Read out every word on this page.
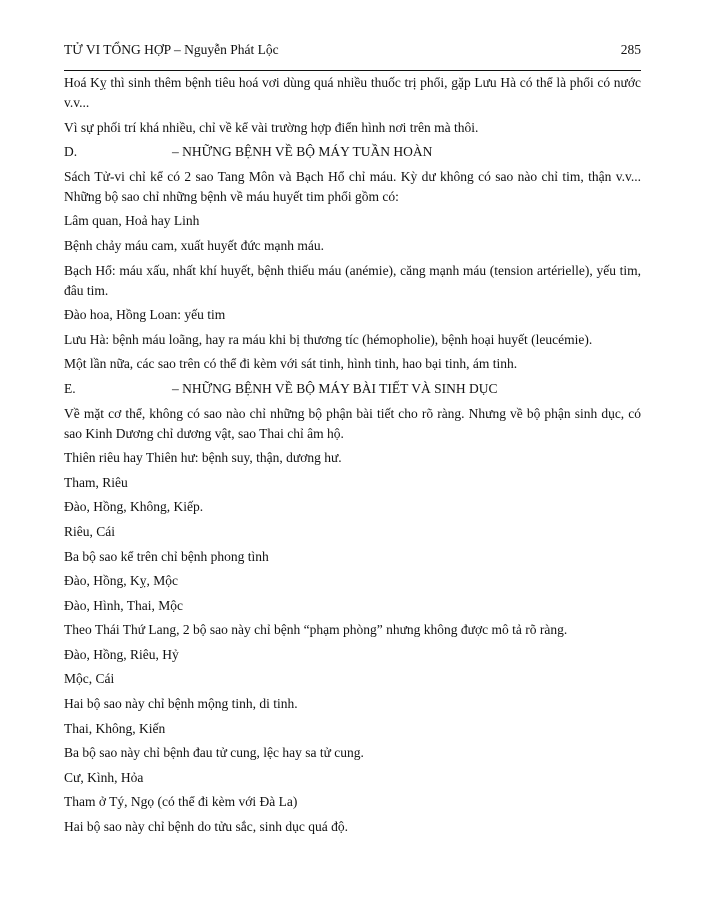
TỬ VI TỔNG HỢP – Nguyễn Phát Lộc	285

Hoá Kỵ thì sinh thêm bệnh tiêu hoá vơi dùng quá nhiều thuốc trị phổi, gặp Lưu Hà có thể là phổi có nước v.v...

Vì sự phối trí khá nhiều, chỉ về kể vài trường hợp điển hình nơi trên mà thôi.

D.	– NHỮNG BỆNH VỀ BỘ MÁY TUẦN HOÀN

Sách Tử-vi chỉ kể có 2 sao Tang Môn và Bạch Hổ chỉ máu. Kỳ dư không có sao nào chỉ tim, thận v.v... Những bộ sao chỉ những bệnh về máu huyết tim phổi gồm có:

Lâm quan, Hoả hay Linh

Bệnh chảy máu cam, xuất huyết đức mạnh máu.

Bạch Hổ: máu xấu, nhất khí huyết, bệnh thiếu máu (anémie), căng mạnh máu (tension artérielle), yếu tim, đâu tim.

Đào hoa, Hồng Loan: yếu tim

Lưu Hà: bệnh máu loãng, hay ra máu khi bị thương tíc (hémopholie), bệnh hoại huyết (leucémie).

Một lần nữa, các sao trên có thể đi kèm với sát tinh, hình tinh, hao bại tinh, ám tinh.

E.	– NHỮNG BỆNH VỀ BỘ MÁY BÀI TIẾT VÀ SINH DỤC

Về mặt cơ thể, không có sao nào chỉ những bộ phận bài tiết cho rõ ràng. Nhưng về bộ phận sinh dục, có sao Kinh Dương chỉ dương vật, sao Thai chỉ âm hộ.

Thiên riêu hay Thiên hư: bệnh suy, thận, dương hư.

Tham, Riêu

Đào, Hồng, Không, Kiếp.

Riêu, Cái

Ba bộ sao kể trên chỉ bệnh phong tình

Đào, Hồng, Kỵ, Mộc

Đào, Hình, Thai, Mộc

Theo Thái Thứ Lang, 2 bộ sao này chỉ bệnh “phạm phòng” nhưng không được mô tả rõ ràng.

Đào, Hồng, Riêu, Hỷ

Mộc, Cái

Hai bộ sao này chỉ bệnh mộng tinh, di tinh.

Thai, Không, Kiến

Ba bộ sao này chỉ bệnh đau tử cung, lệc hay sa tử cung.

Cư, Kình, Hỏa

Tham ở Tý, Ngọ (có thể đi kèm với Đà La)

Hai bộ sao này chỉ bệnh do tửu sắc, sinh dục quá độ.
